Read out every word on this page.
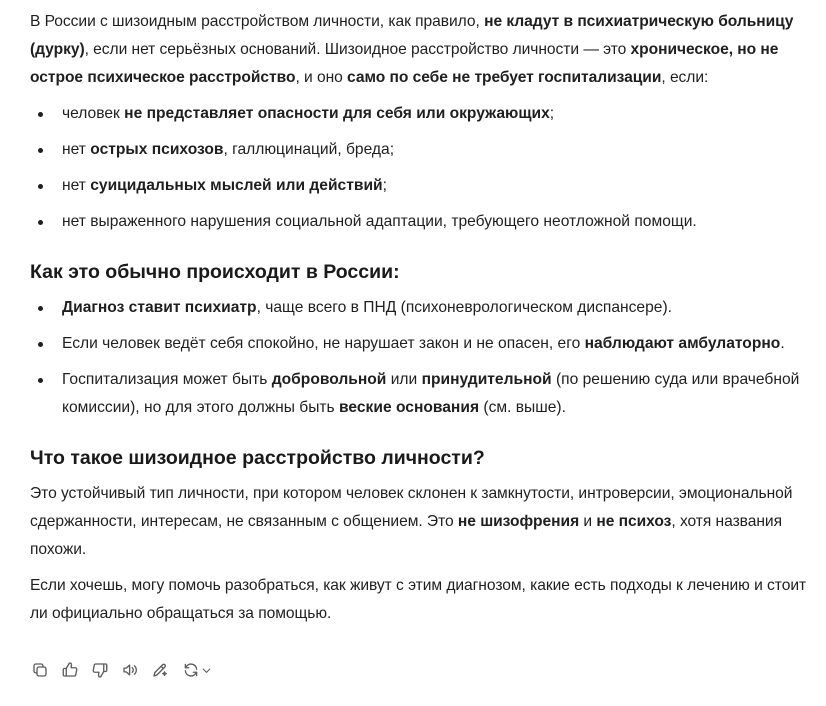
В России с шизоидным расстройством личности, как правило, не кладут в психиатрическую больницу (дурку), если нет серьёзных оснований. Шизоидное расстройство личности — это хроническое, но не острое психическое расстройство, и оно само по себе не требует госпитализации, если:

человек не представляет опасности для себя или окружающих;
нет острых психозов, галлюцинаций, бреда;
нет суицидальных мыслей или действий;
нет выраженного нарушения социальной адаптации, требующего неотложной помощи.
Как это обычно происходит в России:
Диагноз ставит психиатр, чаще всего в ПНД (психоневрологическом диспансере).
Если человек ведёт себя спокойно, не нарушает закон и не опасен, его наблюдают амбулаторно.
Госпитализация может быть добровольной или принудительной (по решению суда или врачебной комиссии), но для этого должны быть веские основания (см. выше).
Что такое шизоидное расстройство личности?

Это устойчивый тип личности, при котором человек склонен к замкнутости, интроверсии, эмоциональной сдержанности, интересам, не связанным с общением. Это не шизофрения и не психоз, хотя названия похожи.

Если хочешь, могу помочь разобраться, как живут с этим диагнозом, какие есть подходы к лечению и стоит ли официально обращаться за помощью.
